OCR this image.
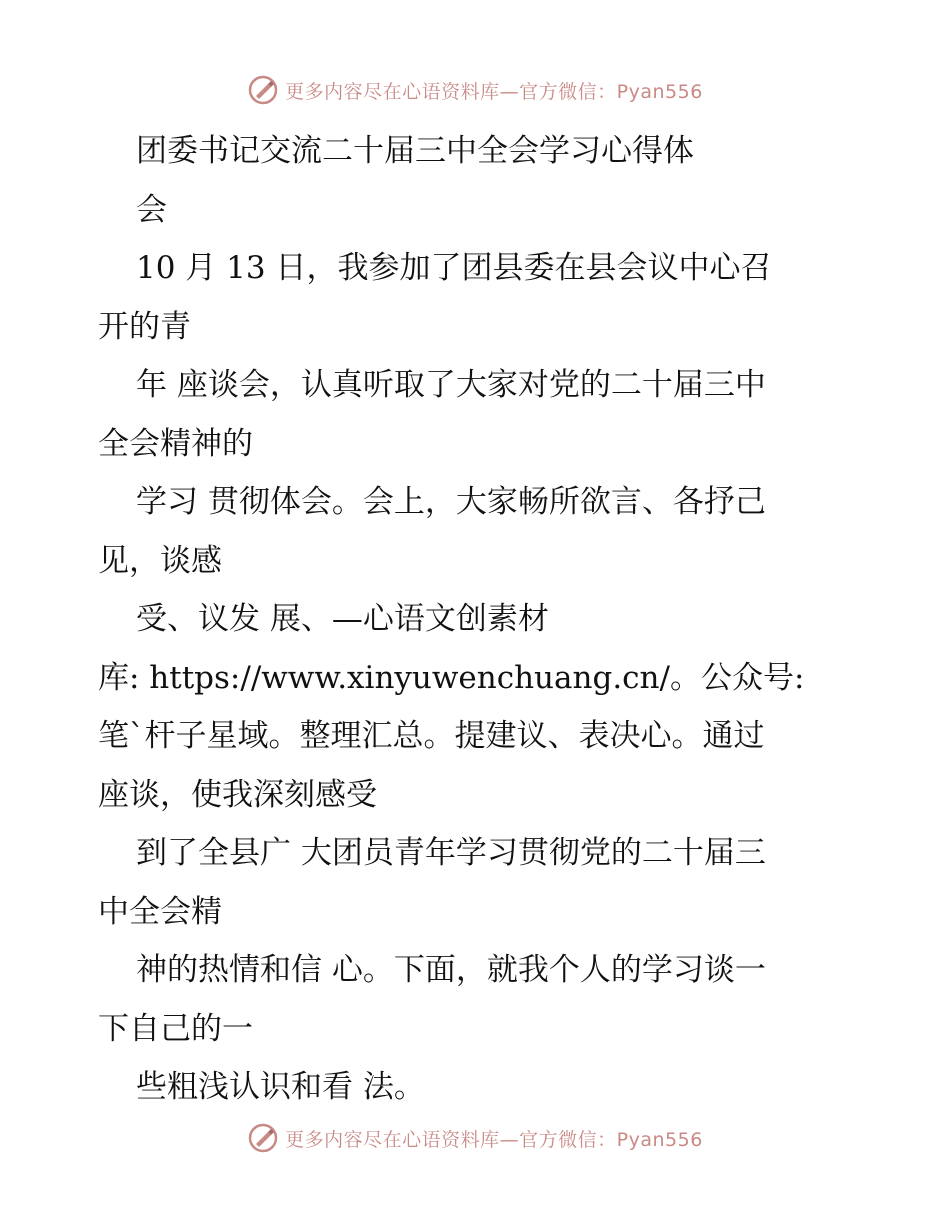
更多内容尽在心语资料库—官方微信：Pyan556

团委书记交流二十届三中全会学习心得体

会

10 月 13 日，我参加了团县委在县会议中心召

开的青

年 座谈会，认真听取了大家对党的二十届三中

全会精神的

学习 贯彻体会。会上，大家畅所欲言、各抒己

见，谈感

受、议发 展、—心语文创素材

库: https://www.xinyuwenchuang.cn/。公众号:

笔`杆子星域。整理汇总。提建议、表决心。通过

座谈，使我深刻感受

到了全县广 大团员青年学习贯彻党的二十届三

中全会精

神的热情和信 心。下面，就我个人的学习谈一

下自己的一

些粗浅认识和看 法。

更多内容尽在心语资料库—官方微信：Pyan556
